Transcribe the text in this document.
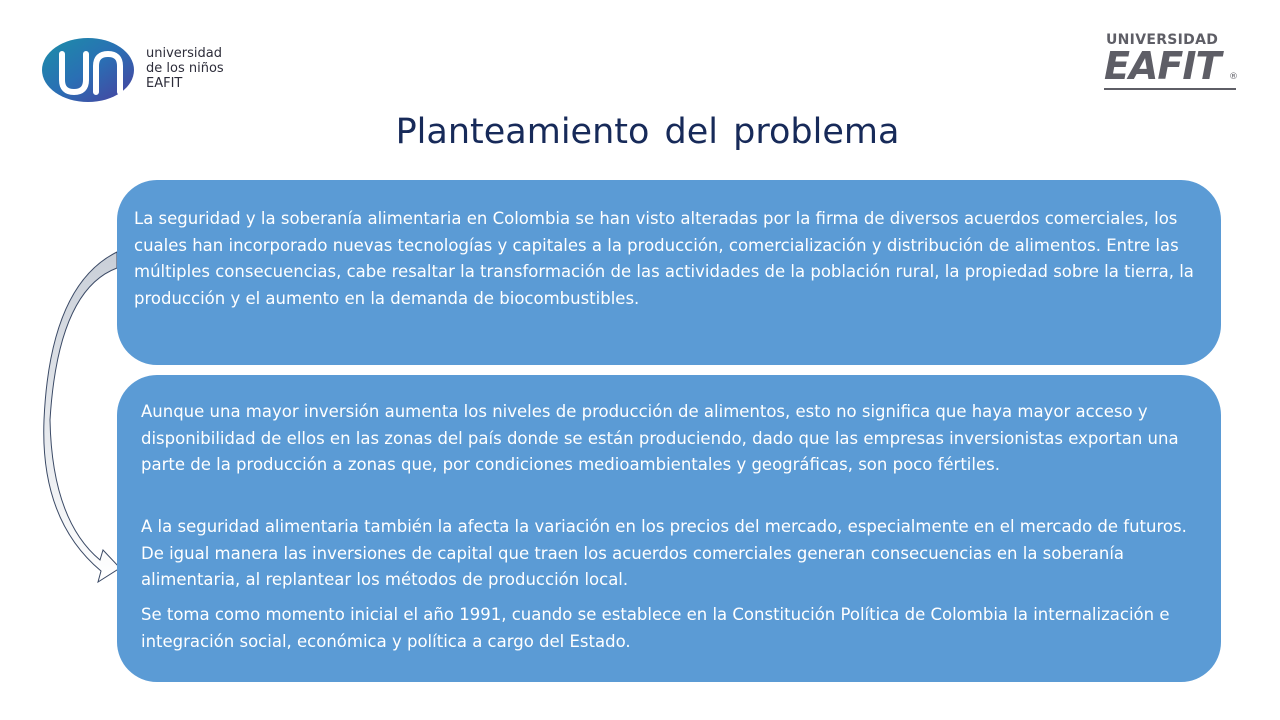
universidad
de los niños
EAFIT
UNIVERSIDAD
EAFIT ®
Planteamiento del problema

La seguridad y la soberanía alimentaria en Colombia se han visto alteradas por la firma de diversos acuerdos comerciales, los cuales han incorporado nuevas tecnologías y capitales a la producción, comercialización y distribución de alimentos. Entre las múltiples consecuencias, cabe resaltar la transformación de las actividades de la población rural, la propiedad sobre la tierra, la producción y el aumento en la demanda de biocombustibles.

Aunque una mayor inversión aumenta los niveles de producción de alimentos, esto no significa que haya mayor acceso y disponibilidad de ellos en las zonas del país donde se están produciendo, dado que las empresas inversionistas exportan una parte de la producción a zonas que, por condiciones medioambientales y geográficas, son poco fértiles.

A la seguridad alimentaria también la afecta la variación en los precios del mercado, especialmente en el mercado de futuros. De igual manera las inversiones de capital que traen los acuerdos comerciales generan consecuencias en la soberanía alimentaria, al replantear los métodos de producción local.

Se toma como momento inicial el año 1991, cuando se establece en la Constitución Política de Colombia la internalización e integración social, económica y política a cargo del Estado.
